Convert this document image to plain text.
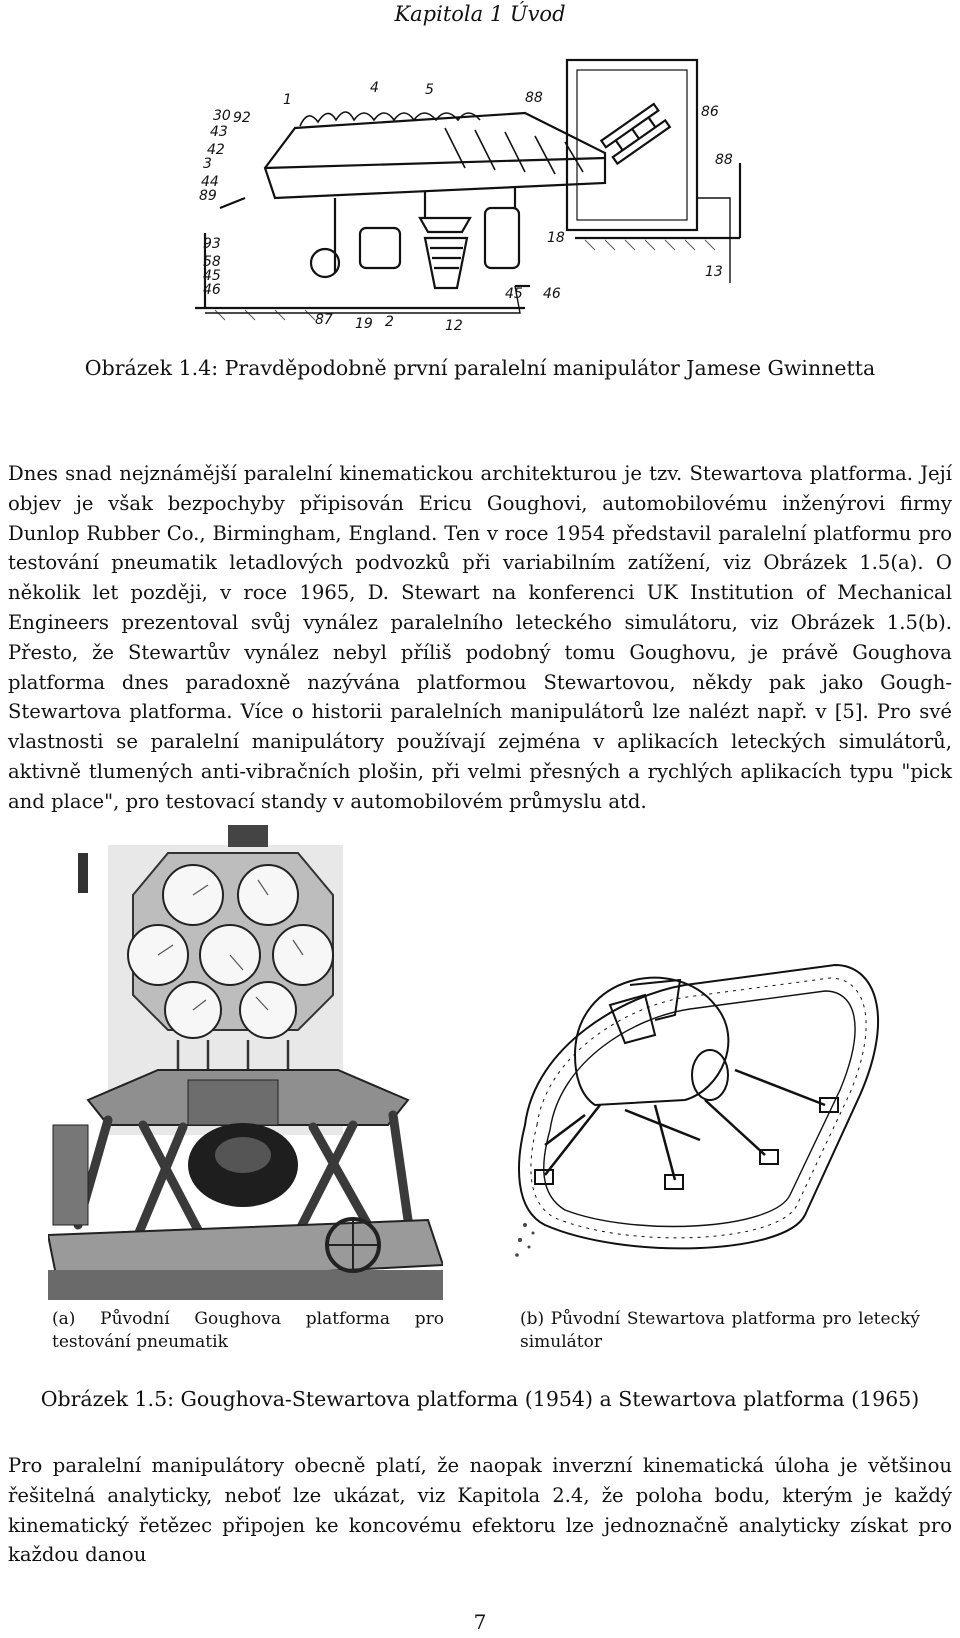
Kapitola 1 Úvod
30 92
43
42
3
44
89
93
58
45
46
1
4	5	88
86
88
18
13
87 19 2	12
45 46
Obrázek 1.4: Pravděpodobně první paralelní manipulátor Jamese Gwinnetta

Dnes snad nejznámější paralelní kinematickou architekturou je tzv. Stewartova platforma. Její objev je však bezpochyby připisován Ericu Goughovi, automobilovému inženýrovi firmy Dunlop Rubber Co., Birmingham, England. Ten v roce 1954 představil paralelní platformu pro testování pneumatik letadlových podvozků při variabilním zatížení, viz Obrázek 1.5(a). O několik let později, v roce 1965, D. Stewart na konferenci UK Institution of Mechanical Engineers prezentoval svůj vynález paralelního leteckého simulátoru, viz Obrázek 1.5(b). Přesto, že Stewartův vynález nebyl příliš podobný tomu Goughovu, je právě Goughova platforma dnes paradoxně nazývána platformou Stewartovou, někdy pak jako Gough-Stewartova platforma. Více o historii paralelních manipulátorů lze nalézt např. v [5]. Pro své vlastnosti se paralelní manipulátory používají zejména v aplikacích leteckých simulátorů, aktivně tlumených anti-vibračních plošin, při velmi přesných a rychlých aplikacích typu "pick and place", pro testovací standy v automobilovém průmyslu atd.

(a) Původní Goughova platforma pro testování pneumatik
(b) Původní Stewartova platforma pro letecký simulátor
Obrázek 1.5: Goughova-Stewartova platforma (1954) a Stewartova platforma (1965)

Pro paralelní manipulátory obecně platí, že naopak inverzní kinematická úloha je většinou řešitelná analyticky, neboť lze ukázat, viz Kapitola 2.4, že poloha bodu, kterým je každý kinematický řetězec připojen ke koncovému efektoru lze jednoznačně analyticky získat pro každou danou

7
